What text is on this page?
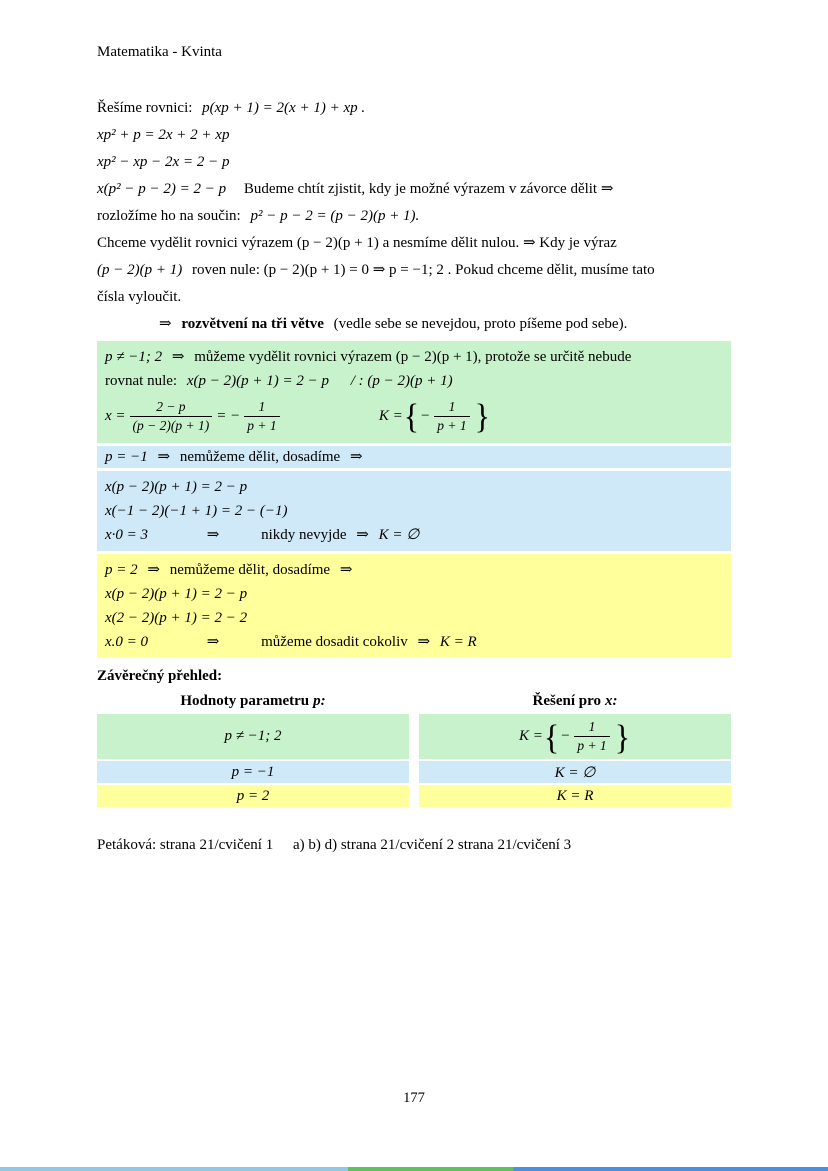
Matematika - Kvinta

Řešíme rovnici: p(xp + 1) = 2(x + 1) + xp .

xp² + p = 2x + 2 + xp

xp² − xp − 2x = 2 − p

x(p² − p − 2) = 2 − p Budeme chtít zjistit, kdy je možné výrazem v závorce dělit ⇒

rozložíme ho na součin: p² − p − 2 = (p − 2)(p + 1).

Chceme vydělit rovnici výrazem (p − 2)(p + 1) a nesmíme dělit nulou. ⇒ Kdy je výraz

(p − 2)(p + 1) roven nule: (p − 2)(p + 1) = 0 ⇒ p = −1; 2 . Pokud chceme dělit, musíme tato

čísla vyloučit.

⇒ rozvětvení na tři větve (vedle sebe se nevejdou, proto píšeme pod sebe).

p ≠ −1; 2 ⇒ můžeme vydělit rovnici výrazem (p − 2)(p + 1), protože se určitě nebude

rovnat nule: x(p − 2)(p + 1) = 2 − p / : (p − 2)(p + 1)

$x = \frac{2 - p}{(p - 2)(p + 1)}$ = − $\frac{1}{p + 1}$	K = { − $\frac{1}{p + 1}$ }
p = −1 ⇒ nemůžeme dělit, dosadíme ⇒

x(p − 2)(p + 1) = 2 − p

x(−1 − 2)(−1 + 1) = 2 − (−1)

x·0 = 3	⇒	nikdy nevyjde ⇒ K = ∅

p = 2 ⇒ nemůžeme dělit, dosadíme ⇒

x(p − 2)(p + 1) = 2 − p

x(2 − 2)(p + 1) = 2 − 2

x.0 = 0	⇒	můžeme dosadit cokoliv ⇒ K = R

Závěrečný přehled:

Hodnoty parametru p:	Řešení pro x:
p ≠ −1; 2	K = { − $\frac{1}{p + 1}$ }
p = −1	K = ∅
p = 2	K = R

Petáková: strana 21/cvičení 1 a) b) d) strana 21/cvičení 2 strana 21/cvičení 3

177
